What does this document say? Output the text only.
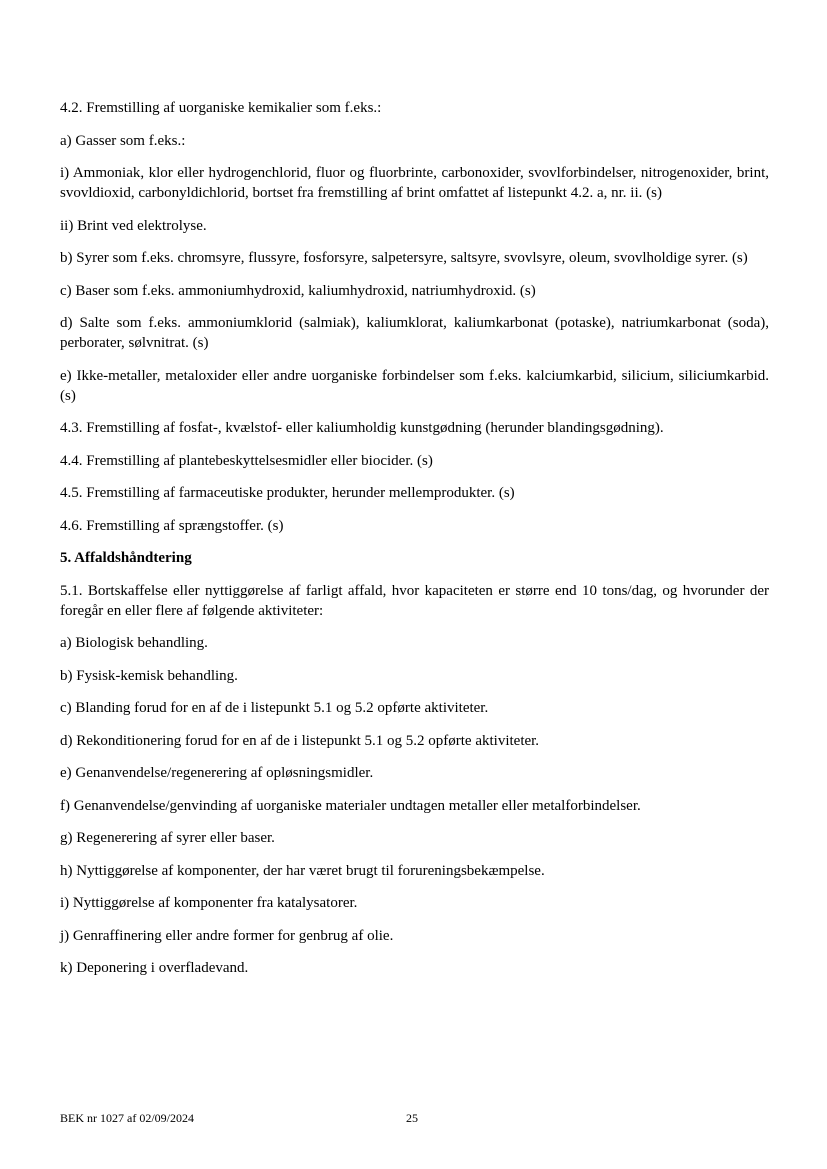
4.2. Fremstilling af uorganiske kemikalier som f.eks.:

a) Gasser som f.eks.:

i) Ammoniak, klor eller hydrogenchlorid, fluor og fluorbrinte, carbonoxider, svovlforbindelser, nitrogenoxider, brint, svovldioxid, carbonyldichlorid, bortset fra fremstilling af brint omfattet af listepunkt 4.2. a, nr. ii. (s)

ii) Brint ved elektrolyse.

b) Syrer som f.eks. chromsyre, flussyre, fosforsyre, salpetersyre, saltsyre, svovlsyre, oleum, svovlholdige syrer. (s)

c) Baser som f.eks. ammoniumhydroxid, kaliumhydroxid, natriumhydroxid. (s)

d) Salte som f.eks. ammoniumklorid (salmiak), kaliumklorat, kaliumkarbonat (potaske), natriumkarbonat (soda), perborater, sølvnitrat. (s)

e) Ikke-metaller, metaloxider eller andre uorganiske forbindelser som f.eks. kalciumkarbid, silicium, siliciumkarbid. (s)

4.3. Fremstilling af fosfat-, kvælstof- eller kaliumholdig kunstgødning (herunder blandingsgødning).

4.4. Fremstilling af plantebeskyttelsesmidler eller biocider. (s)

4.5. Fremstilling af farmaceutiske produkter, herunder mellemprodukter. (s)

4.6. Fremstilling af sprængstoffer. (s)

5. Affaldshåndtering

5.1. Bortskaffelse eller nyttiggørelse af farligt affald, hvor kapaciteten er større end 10 tons/dag, og hvorunder der foregår en eller flere af følgende aktiviteter:

a) Biologisk behandling.

b) Fysisk-kemisk behandling.

c) Blanding forud for en af de i listepunkt 5.1 og 5.2 opførte aktiviteter.

d) Rekonditionering forud for en af de i listepunkt 5.1 og 5.2 opførte aktiviteter.

e) Genanvendelse/regenerering af opløsningsmidler.

f) Genanvendelse/genvinding af uorganiske materialer undtagen metaller eller metalforbindelser.

g) Regenerering af syrer eller baser.

h) Nyttiggørelse af komponenter, der har været brugt til forureningsbekæmpelse.

i) Nyttiggørelse af komponenter fra katalysatorer.

j) Genraffinering eller andre former for genbrug af olie.

k) Deponering i overfladevand.

BEK nr 1027 af 02/09/2024	25
